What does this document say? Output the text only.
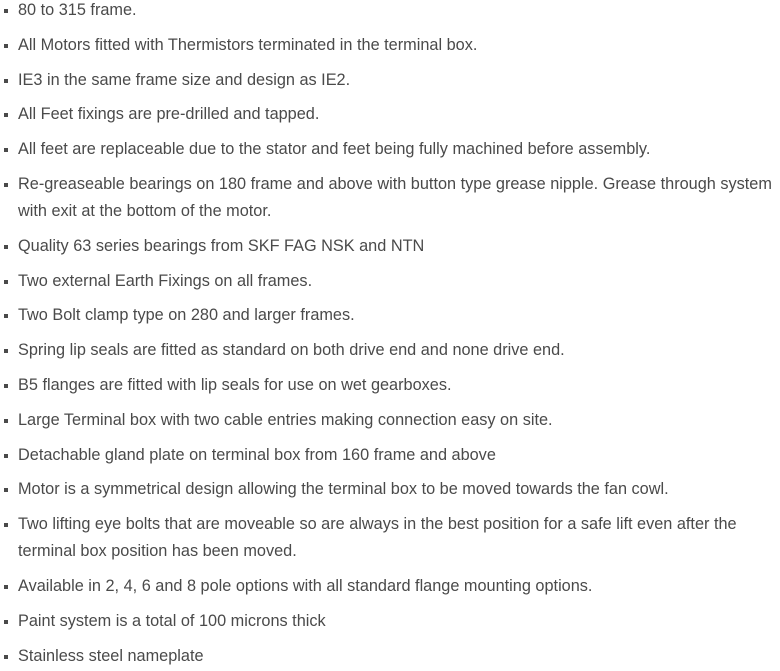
80 to 315 frame.
All Motors fitted with Thermistors terminated in the terminal box.
IE3 in the same frame size and design as IE2.
All Feet fixings are pre-drilled and tapped.
All feet are replaceable due to the stator and feet being fully machined before assembly.
Re-greaseable bearings on 180 frame and above with button type grease nipple. Grease through system with exit at the bottom of the motor.
Quality 63 series bearings from SKF FAG NSK and NTN
Two external Earth Fixings on all frames.
Two Bolt clamp type on 280 and larger frames.
Spring lip seals are fitted as standard on both drive end and none drive end.
B5 flanges are fitted with lip seals for use on wet gearboxes.
Large Terminal box with two cable entries making connection easy on site.
Detachable gland plate on terminal box from 160 frame and above
Motor is a symmetrical design allowing the terminal box to be moved towards the fan cowl.
Two lifting eye bolts that are moveable so are always in the best position for a safe lift even after the terminal box position has been moved.
Available in 2, 4, 6 and 8 pole options with all standard flange mounting options.
Paint system is a total of 100 microns thick
Stainless steel nameplate
